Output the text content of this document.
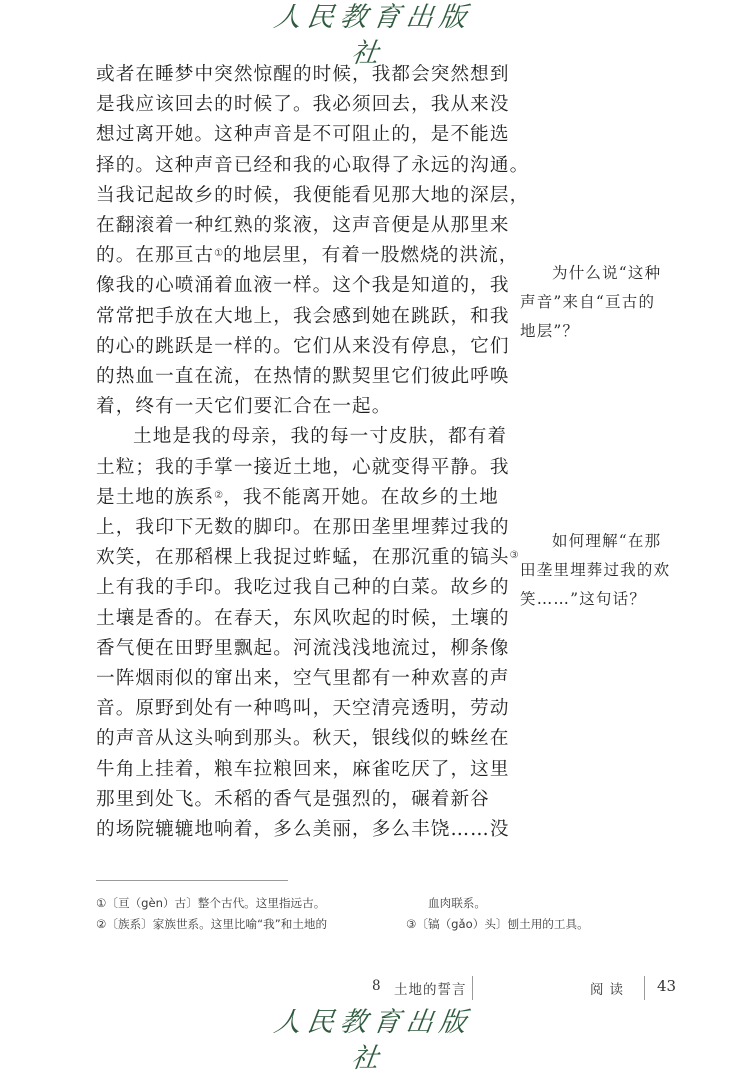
人民教育出版社

或者在睡梦中突然惊醒的时候，我都会突然想到
是我应该回去的时候了。我必须回去，我从来没
想过离开她。这种声音是不可阻止的，是不能选
择的。这种声音已经和我的心取得了永远的沟通。
当我记起故乡的时候，我便能看见那大地的深层，
在翻滚着一种红熟的浆液，这声音便是从那里来
的。在那亘古①的地层里，有着一股燃烧的洪流，
像我的心喷涌着血液一样。这个我是知道的，我
常常把手放在大地上，我会感到她在跳跃，和我
的心的跳跃是一样的。它们从来没有停息，它们
的热血一直在流，在热情的默契里它们彼此呼唤
着，终有一天它们要汇合在一起。

土地是我的母亲，我的每一寸皮肤，都有着
土粒；我的手掌一接近土地，心就变得平静。我
是土地的族系②，我不能离开她。在故乡的土地
上，我印下无数的脚印。在那田垄里埋葬过我的
欢笑，在那稻棵上我捉过蚱蜢，在那沉重的镐头③
上有我的手印。我吃过我自己种的白菜。故乡的
土壤是香的。在春天，东风吹起的时候，土壤的
香气便在田野里飘起。河流浅浅地流过，柳条像
一阵烟雨似的窜出来，空气里都有一种欢喜的声
音。原野到处有一种鸣叫，天空清亮透明，劳动
的声音从这头响到那头。秋天，银线似的蛛丝在
牛角上挂着，粮车拉粮回来，麻雀吃厌了，这里
那里到处飞。禾稻的香气是强烈的，碾着新谷
的场院辘辘地响着，多么美丽，多么丰饶……没

为什么说“这种
声音”来自“亘古的
地层”？
如何理解“在那
田垄里埋葬过我的欢
笑……”这句话？
①〔亘（gèn）古〕整个古代。这里指远古。	血肉联系。
②〔族系〕家族世系。这里比喻“我”和土地的	③〔镐（gǎo）头〕刨土用的工具。
8 土地的誓言	阅读 43
人民教育出版社
